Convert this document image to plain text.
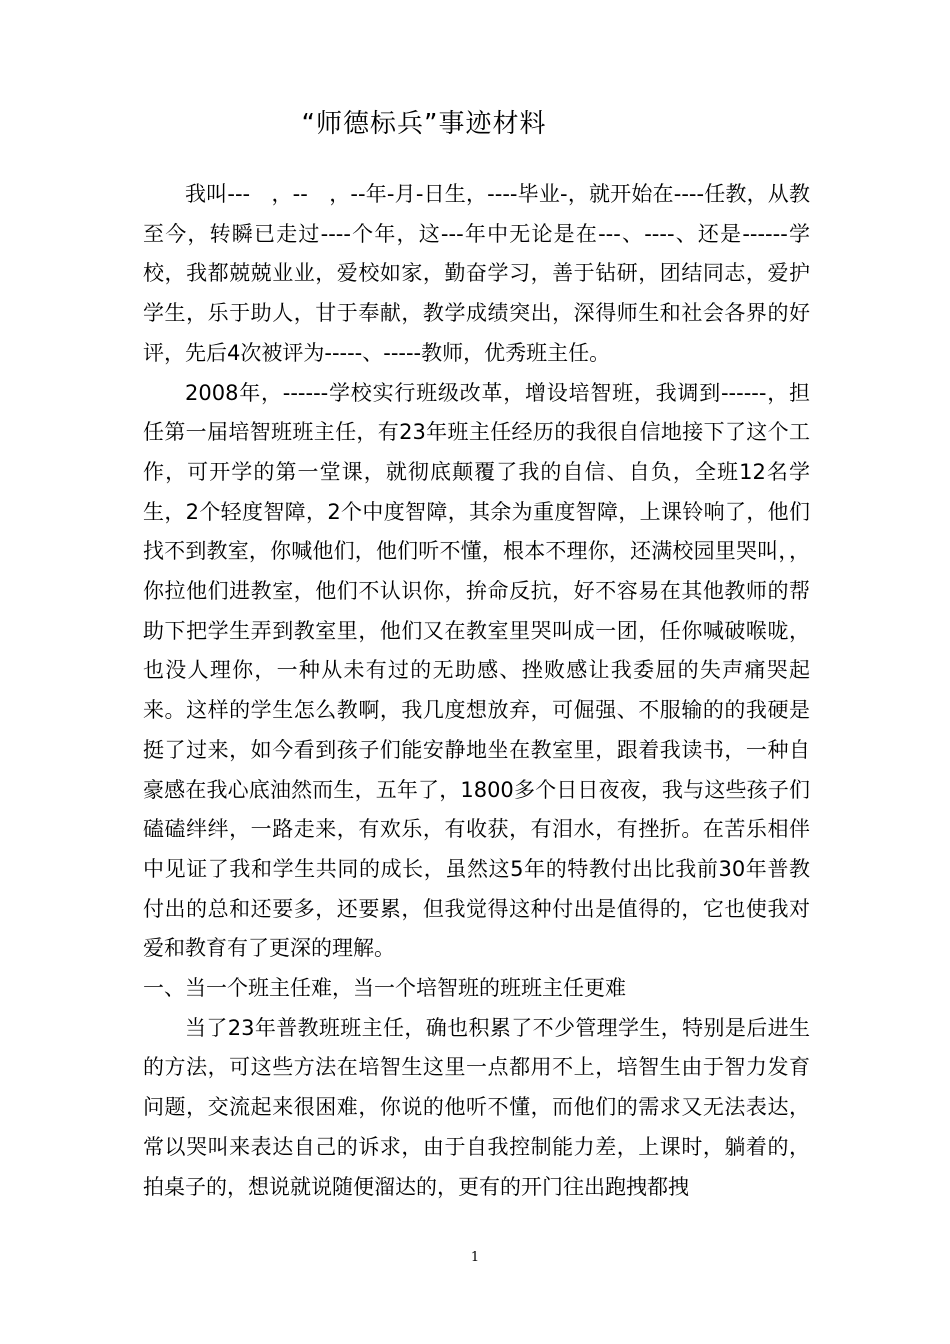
“师德标兵”事迹材料

我叫---　，--　，--年-月-日生，----毕业-，就开始在----任教，从教至今，转瞬已走过----个年，这---年中无论是在---、----、还是------学校，我都兢兢业业，爱校如家，勤奋学习，善于钻研，团结同志，爱护学生，乐于助人，甘于奉献，教学成绩突出，深得师生和社会各界的好评，先后4次被评为-----、-----教师，优秀班主任。

2008年，------学校实行班级改革，增设培智班，我调到------，担任第一届培智班班主任，有23年班主任经历的我很自信地接下了这个工作，可开学的第一堂课，就彻底颠覆了我的自信、自负，全班12名学生，2个轻度智障，2个中度智障，其余为重度智障，上课铃响了，他们找不到教室，你喊他们，他们听不懂，根本不理你，还满校园里哭叫，，你拉他们进教室，他们不认识你，拚命反抗，好不容易在其他教师的帮助下把学生弄到教室里，他们又在教室里哭叫成一团，任你喊破喉咙，也没人理你，一种从未有过的无助感、挫败感让我委屈的失声痛哭起来。这样的学生怎么教啊，我几度想放弃，可倔强、不服输的的我硬是挺了过来，如今看到孩子们能安静地坐在教室里，跟着我读书，一种自豪感在我心底油然而生，五年了，1800多个日日夜夜，我与这些孩子们磕磕绊绊，一路走来，有欢乐，有收获，有泪水，有挫折。在苦乐相伴中见证了我和学生共同的成长，虽然这5年的特教付出比我前30年普教付出的总和还要多，还要累，但我觉得这种付出是值得的，它也使我对爱和教育有了更深的理解。

一、当一个班主任难，当一个培智班的班班主任更难

当了23年普教班班主任，确也积累了不少管理学生，特别是后进生的方法，可这些方法在培智生这里一点都用不上，培智生由于智力发育问题，交流起来很困难，你说的他听不懂，而他们的需求又无法表达，常以哭叫来表达自己的诉求，由于自我控制能力差，上课时，躺着的，拍桌子的，想说就说随便溜达的，更有的开门往出跑拽都拽

1
